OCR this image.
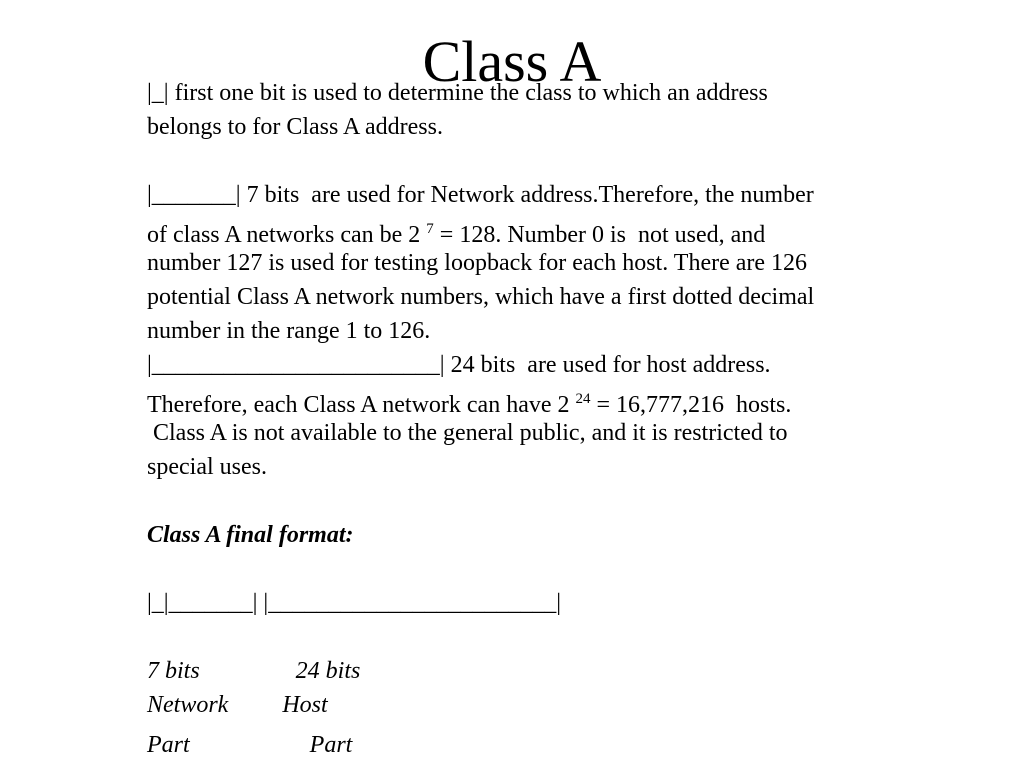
Class A
|_| first one bit is used to determine the class to which an address
belongs to for Class A address.
|_______| 7 bits  are used for Network address.Therefore, the number
of class A networks can be 2 $^7$ = 128. Number 0 is  not used, and
number 127 is used for testing loopback for each host. There are 126
potential Class A network numbers, which have a first dotted decimal
number in the range 1 to 126.
|________________________| 24 bits  are used for host address.
Therefore, each Class A network can have 2 $^{24}$ = 16,777,216  hosts.
Class A is not available to the general public, and it is restricted to
special uses.
Class A final format:
|_|_______| |________________________|
7 bits                24 bits
Network         Host
Part                    Part
